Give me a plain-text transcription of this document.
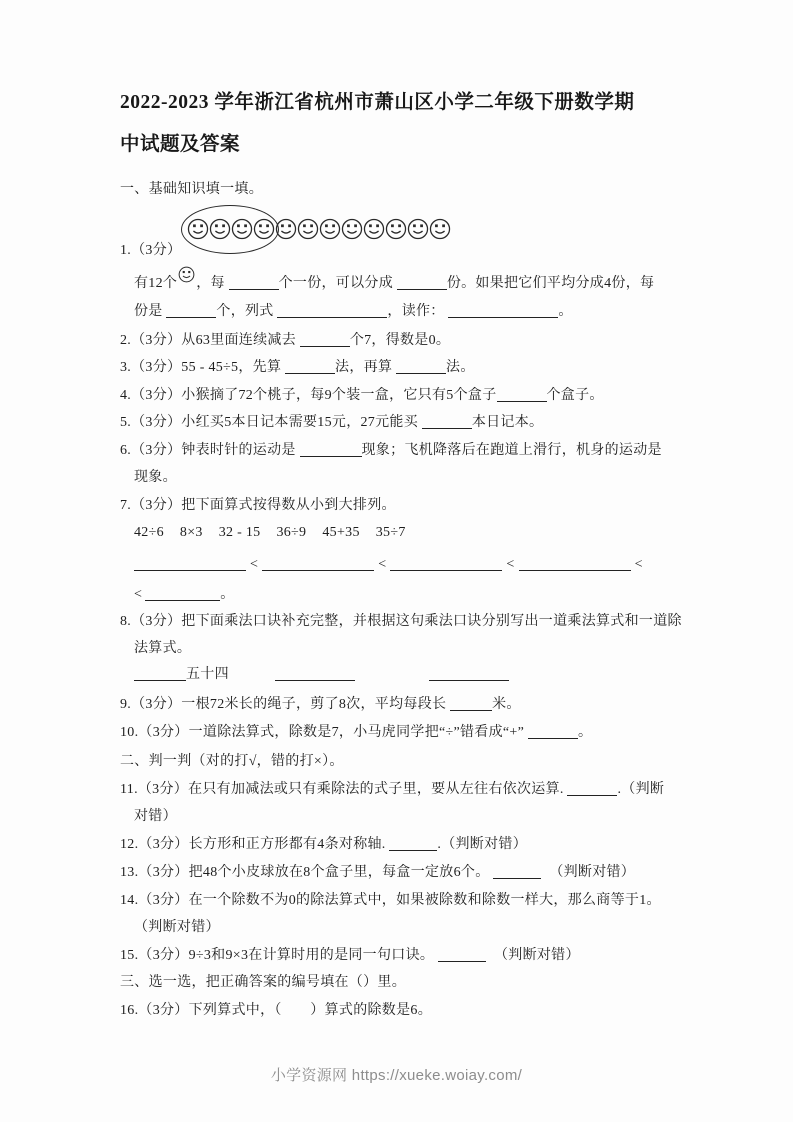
2022-2023 学年浙江省杭州市萧山区小学二年级下册数学期
中试题及答案
一、基础知识填一填。
1.（3分）
有12个 ，每	个一份，可以分成	份。如果把它们平均分成4份，每
份是	个，列式	，读作：	。
2.（3分）从63里面连续减去	个7，得数是0。
3.（3分）55 - 45÷5，先算	法，再算	法。
4.（3分）小猴摘了72个桃子，每9个装一盒，它只有5个盒子	个盒子。
5.（3分）小红买5本日记本需要15元，27元能买	本日记本。
6.（3分）钟表时针的运动是	现象；飞机降落后在跑道上滑行，机身的运动是
现象。
7.（3分）把下面算式按得数从小到大排列。
42÷6 8×3 32 - 15 36÷9 45+35 35÷7
<	<	<	<
<	。
8.（3分）把下面乘法口诀补充完整，并根据这句乘法口诀分别写出一道乘法算式和一道除
法算式。
五十四
9.（3分）一根72米长的绳子，剪了8次，平均每段长	米。
10.（3分）一道除法算式，除数是7，小马虎同学把“÷”错看成“+”	。
二、判一判（对的打√，错的打×）。
11.（3分）在只有加减法或只有乘除法的式子里，要从左往右依次运算.	.（判断
对错）
12.（3分）长方形和正方形都有4条对称轴.	.（判断对错）
13.（3分）把48个小皮球放在8个盒子里，每盒一定放6个。	（判断对错）
14.（3分）在一个除数不为0的除法算式中，如果被除数和除数一样大，那么商等于1。
（判断对错）
15.（3分）9÷3和9×3在计算时用的是同一句口诀。	（判断对错）
三、选一选，把正确答案的编号填在（）里。
16.（3分）下列算式中，（　　）算式的除数是6。
小学资源网 https://xueke.woiay.com/
